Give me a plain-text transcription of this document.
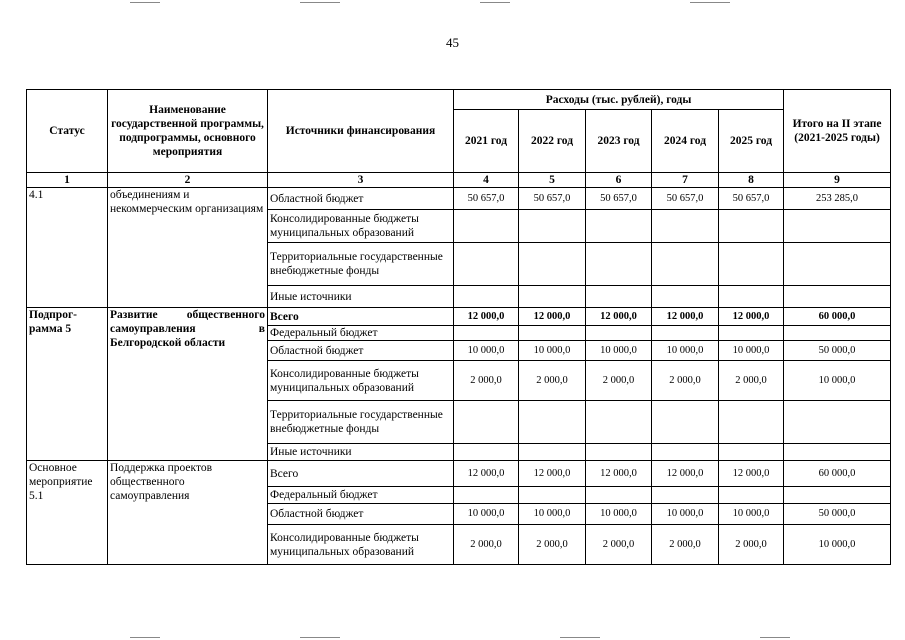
45
Статус	Наименование государственной программы, подпрограммы, основного мероприятия	Источники финансирования	Расходы (тыс. рублей), годы					Итого на II этапе (2021-2025 годы)
			2021 год	2022 год	2023 год	2024 год	2025 год	
1	2	3	4	5	6	7	8	9
4.1	объединениям и некоммерческим организациям	Областной бюджет	50 657,0	50 657,0	50 657,0	50 657,0	50 657,0	253 285,0
		Консолидированные бюджеты муниципальных образований						
		Территориальные государственные внебюджетные фонды						
		Иные источники						
Подпрог-рамма 5	Развитие общественного самоуправления в Белгородской области	Всего	12 000,0	12 000,0	12 000,0	12 000,0	12 000,0	60 000,0
		Федеральный бюджет						
		Областной бюджет	10 000,0	10 000,0	10 000,0	10 000,0	10 000,0	50 000,0
		Консолидированные бюджеты муниципальных образований	2 000,0	2 000,0	2 000,0	2 000,0	2 000,0	10 000,0
		Территориальные государственные внебюджетные фонды						
		Иные источники						
Основное мероприятие 5.1	Поддержка проектов общественного самоуправления	Всего	12 000,0	12 000,0	12 000,0	12 000,0	12 000,0	60 000,0
		Федеральный бюджет						
		Областной бюджет	10 000,0	10 000,0	10 000,0	10 000,0	10 000,0	50 000,0
		Консолидированные бюджеты муниципальных образований	2 000,0	2 000,0	2 000,0	2 000,0	2 000,0	10 000,0
